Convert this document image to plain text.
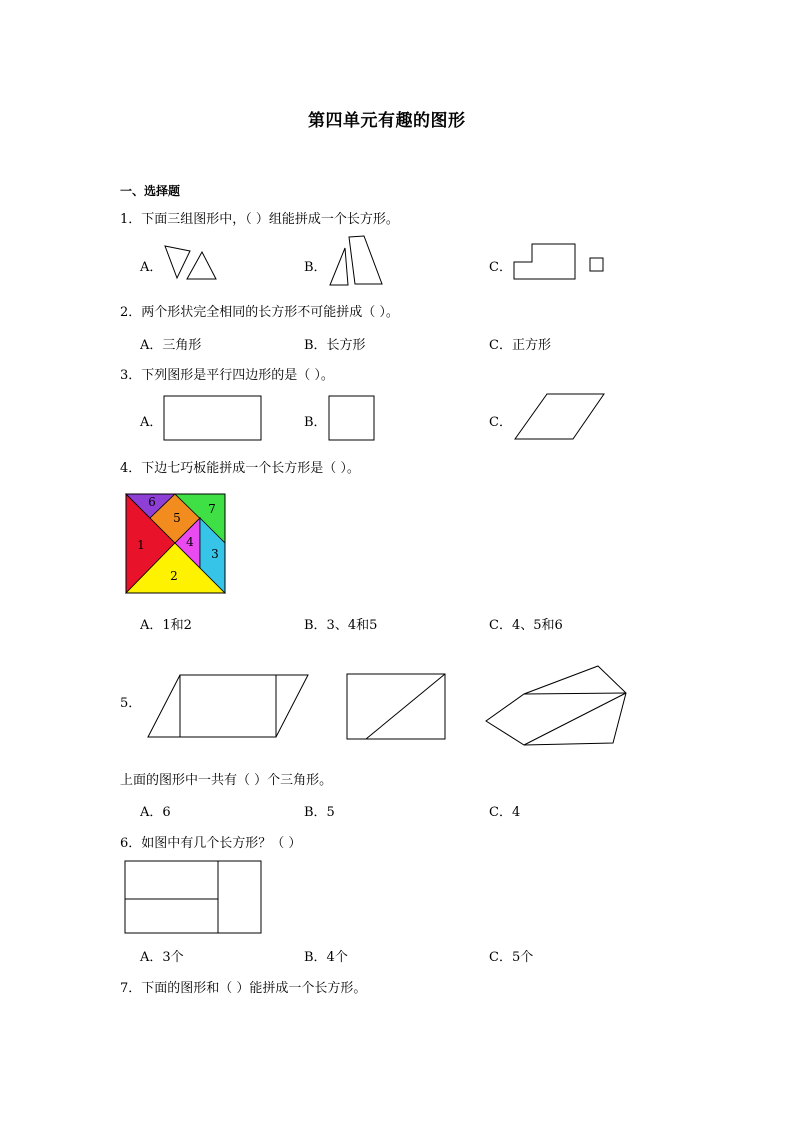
第四单元有趣的图形
一、选择题
1．下面三组图形中，（ ）组能拼成一个长方形。
A．	B．	C．
2．两个形状完全相同的长方形不可能拼成（ ）。
A．三角形	B．长方形	C．正方形
3．下列图形是平行四边形的是（ ）。
A．	B．	C．
4．下边七巧板能拼成一个长方形是（ ）。
1
2
6
5
7
4
3
A．1和2	B．3、4和5	C．4、5和6
5．
上面的图形中一共有（ ）个三角形。
A．6	B．5	C．4
6．如图中有几个长方形？（ ）
A．3个	B．4个	C．5个
7．下面的图形和（ ）能拼成一个长方形。
